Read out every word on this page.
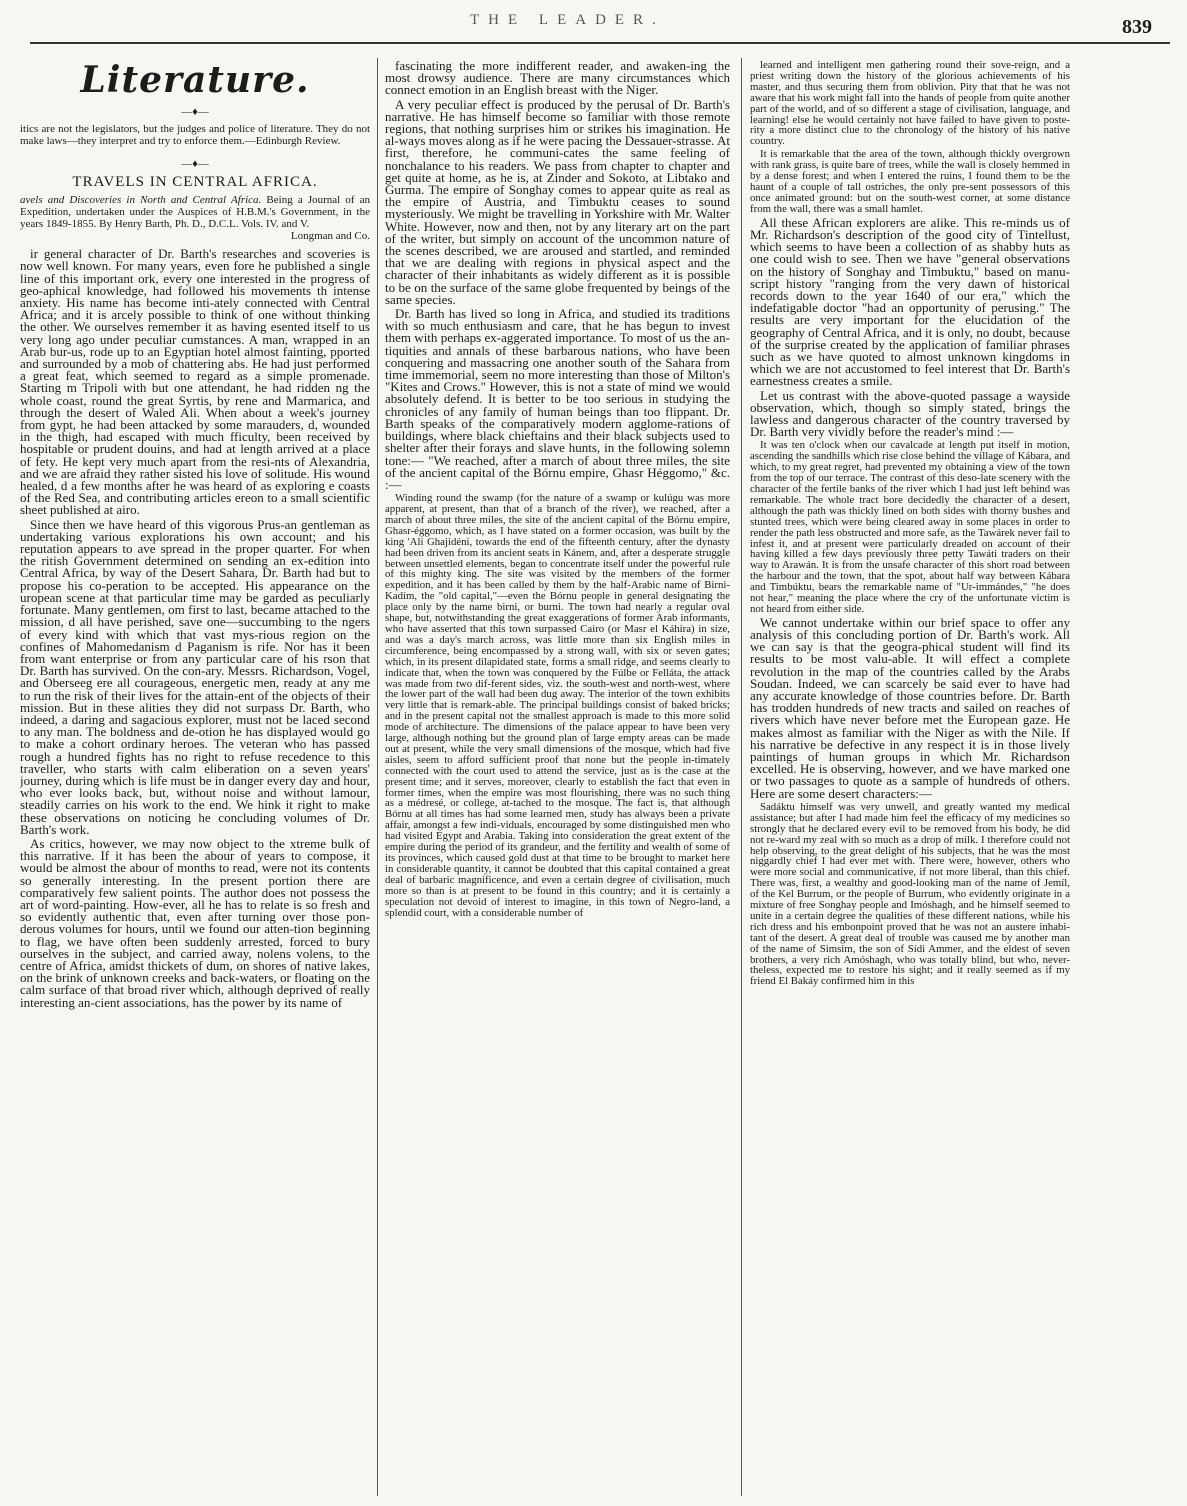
THE LEADER.	839
Literature.
—♦—
itics are not the legislators, but the judges and police of literature. They do not make laws—they interpret and try to enforce them.—Edinburgh Review.
—♦—
TRAVELS IN CENTRAL AFRICA.
avels and Discoveries in North and Central Africa. Being a Journal of an Expedition, undertaken under the Auspices of H.B.M.'s Government, in the years 1849-1855. By Henry Barth, Ph. D., D.C.L. Vols. IV. and V.
Longman and Co.

ir general character of Dr. Barth's researches and scoveries is now well known. For many years, even fore he published a single line of this important ork, every one interested in the progress of geo-aphical knowledge, had followed his movements th intense anxiety. His name has become inti-ately connected with Central Africa; and it is arcely possible to think of one without thinking the other. We ourselves remember it as having esented itself to us very long ago under peculiar cumstances. A man, wrapped in an Arab bur-us, rode up to an Egyptian hotel almost fainting, pported and surrounded by a mob of chattering abs. He had just performed a great feat, which seemed to regard as a simple promenade. Starting m Tripoli with but one attendant, he had ridden ng the whole coast, round the great Syrtis, by rene and Marmarica, and through the desert of Waled Ali. When about a week's journey from gypt, he had been attacked by some marauders, d, wounded in the thigh, had escaped with much fficulty, been received by hospitable or prudent douins, and had at length arrived at a place of fety. He kept very much apart from the resi-nts of Alexandria, and we are afraid they rather sisted his love of solitude. His wound healed, d a few months after he was heard of as exploring e coasts of the Red Sea, and contributing articles ereon to a small scientific sheet published at airo.

Since then we have heard of this vigorous Prus-an gentleman as undertaking various explorations his own account; and his reputation appears to ave spread in the proper quarter. For when the ritish Government determined on sending an ex-edition into Central Africa, by way of the Desert Sahara, Dr. Barth had but to propose his co-peration to be accepted. His appearance on the uropean scene at that particular time may be garded as peculiarly fortunate. Many gentlemen, om first to last, became attached to the mission, d all have perished, save one—succumbing to the ngers of every kind with which that vast mys-rious region on the confines of Mahomedanism d Paganism is rife. Nor has it been from want enterprise or from any particular care of his rson that Dr. Barth has survived. On the con-ary. Messrs. Richardson, Vogel, and Oberseeg ere all courageous, energetic men, ready at any me to run the risk of their lives for the attain-ent of the objects of their mission. But in these alities they did not surpass Dr. Barth, who indeed, a daring and sagacious explorer, must not be laced second to any man. The boldness and de-otion he has displayed would go to make a cohort ordinary heroes. The veteran who has passed rough a hundred fights has no right to refuse recedence to this traveller, who starts with calm eliberation on a seven years' journey, during which is life must be in danger every day and hour, who ever looks back, but, without noise and without lamour, steadily carries on his work to the end. We hink it right to make these observations on noticing he concluding volumes of Dr. Barth's work.

As critics, however, we may now object to the xtreme bulk of this narrative. If it has been the abour of years to compose, it would be almost the abour of months to read, were not its contents so generally interesting. In the present portion there are comparatively few salient points. The author does not possess the art of word-painting. How-ever, all he has to relate is so fresh and so evidently authentic that, even after turning over those pon-derous volumes for hours, until we found our atten-tion beginning to flag, we have often been suddenly arrested, forced to bury ourselves in the subject, and carried away, nolens volens, to the centre of Africa, amidst thickets of dum, on shores of native lakes, on the brink of unknown creeks and back-waters, or floating on the calm surface of that broad river which, although deprived of really interesting an-cient associations, has the power by its name of

fascinating the more indifferent reader, and awaken-ing the most drowsy audience. There are many circumstances which connect emotion in an English breast with the Niger.

A very peculiar effect is produced by the perusal of Dr. Barth's narrative. He has himself become so familiar with those remote regions, that nothing surprises him or strikes his imagination. He al-ways moves along as if he were pacing the Dessauer-strasse. At first, therefore, he communi-cates the same feeling of nonchalance to his readers. We pass from chapter to chapter and get quite at home, as he is, at Zinder and Sokoto, at Libtako and Gurma. The empire of Songhay comes to appear quite as real as the empire of Austria, and Timbuktu ceases to sound mysteriously. We might be travelling in Yorkshire with Mr. Walter White. However, now and then, not by any literary art on the part of the writer, but simply on account of the uncommon nature of the scenes described, we are aroused and startled, and reminded that we are dealing with regions in physical aspect and the character of their inhabitants as widely different as it is possible to be on the surface of the same globe frequented by beings of the same species.

Dr. Barth has lived so long in Africa, and studied its traditions with so much enthusiasm and care, that he has begun to invest them with perhaps ex-aggerated importance. To most of us the an-tiquities and annals of these barbarous nations, who have been conquering and massacring one another south of the Sahara from time immemorial, seem no more interesting than those of Milton's "Kites and Crows." However, this is not a state of mind we would absolutely defend. It is better to be too serious in studying the chronicles of any family of human beings than too flippant. Dr. Barth speaks of the comparatively modern agglome-rations of buildings, where black chieftains and their black subjects used to shelter after their forays and slave hunts, in the following solemn tone:— "We reached, after a march of about three miles, the site of the ancient capital of the Bórnu empire, Ghasr Héggomo," &c. :—

Winding round the swamp (for the nature of a swamp or kulúgu was more apparent, at present, than that of a branch of the river), we reached, after a march of about three miles, the site of the ancient capital of the Bórnu empire, Ghasr-éggomo, which, as I have stated on a former occasion, was built by the king 'Alí Ghajidéni, towards the end of the fifteenth century, after the dynasty had been driven from its ancient seats in Kánem, and, after a desperate struggle between unsettled elements, began to concentrate itself under the powerful rule of this mighty king. The site was visited by the members of the former expedition, and it has been called by them by the half-Arabic name of Birni-Kadím, the "old capital,"—even the Bórnu people in general designating the place only by the name birni, or burni. The town had nearly a regular oval shape, but, notwithstanding the great exaggerations of former Arab informants, who have asserted that this town surpassed Cairo (or Masr el Káhira) in size, and was a day's march across, was little more than six English miles in circumference, being encompassed by a strong wall, with six or seven gates; which, in its present dilapidated state, forms a small ridge, and seems clearly to indicate that, when the town was conquered by the Fúlbe or Felláta, the attack was made from two dif-ferent sides, viz. the south-west and north-west, where the lower part of the wall had been dug away. The interior of the town exhibits very little that is remark-able. The principal buildings consist of baked bricks; and in the present capital not the smallest approach is made to this more solid mode of architecture. The dimensions of the palace appear to have been very large, although nothing but the ground plan of large empty areas can be made out at present, while the very small dimensions of the mosque, which had five aisles, seem to afford sufficient proof that none but the people in-timately connected with the court used to attend the service, just as is the case at the present time; and it serves, moreover, clearly to establish the fact that even in former times, when the empire was most flourishing, there was no such thing as a médresé, or college, at-tached to the mosque. The fact is, that although Bórnu at all times has had some learned men, study has always been a private affair, amongst a few indi-viduals, encouraged by some distinguished men who had visited Egypt and Arabia. Taking into consideration the great extent of the empire during the period of its grandeur, and the fertility and wealth of some of its provinces, which caused gold dust at that time to be brought to market here in considerable quantity, it cannot be doubted that this capital contained a great deal of barbaric magnificence, and even a certain degree of civilisation, much more so than is at present to be found in this country; and it is certainly a speculation not devoid of interest to imagine, in this town of Negro-land, a splendid court, with a considerable number of

learned and intelligent men gathering round their sove-reign, and a priest writing down the history of the glorious achievements of his master, and thus securing them from oblivion. Pity that that he was not aware that his work might fall into the hands of people from quite another part of the world, and of so different a stage of civilisation, language, and learning! else he would certainly not have failed to have given to poste-rity a more distinct clue to the chronology of the history of his native country.

It is remarkable that the area of the town, although thickly overgrown with rank grass, is quite bare of trees, while the wall is closely hemmed in by a dense forest; and when I entered the ruins, I found them to be the haunt of a couple of tall ostriches, the only pre-sent possessors of this once animated ground: but on the south-west corner, at some distance from the wall, there was a small hamlet.

All these African explorers are alike. This re-minds us of Mr. Richardson's description of the good city of Tintellust, which seems to have been a collection of as shabby huts as one could wish to see. Then we have "general observations on the history of Songhay and Timbuktu," based on manu-script history "ranging from the very dawn of historical records down to the year 1640 of our era," which the indefatigable doctor "had an opportunity of perusing." The results are very important for the elucidation of the geography of Central Africa, and it is only, no doubt, because of the surprise created by the application of familiar phrases such as we have quoted to almost unknown kingdoms in which we are not accustomed to feel interest that Dr. Barth's earnestness creates a smile.

Let us contrast with the above-quoted passage a wayside observation, which, though so simply stated, brings the lawless and dangerous character of the country traversed by Dr. Barth very vividly before the reader's mind :—

It was ten o'clock when our cavalcade at length put itself in motion, ascending the sandhills which rise close behind the village of Kábara, and which, to my great regret, had prevented my obtaining a view of the town from the top of our terrace. The contrast of this deso-late scenery with the character of the fertile banks of the river which I had just left behind was remarkable. The whole tract bore decidedly the character of a desert, although the path was thickly lined on both sides with thorny bushes and stunted trees, which were being cleared away in some places in order to render the path less obstructed and more safe, as the Tawárek never fail to infest it, and at present were particularly dreaded on account of their having killed a few days previously three petty Tawáti traders on their way to Arawán. It is from the unsafe character of this short road between the harbour and the town, that the spot, about half way between Kábara and Timbúktu, bears the remarkable name of "Ur-immándes," "he does not hear," meaning the place where the cry of the unfortunate victim is not heard from either side.

We cannot undertake within our brief space to offer any analysis of this concluding portion of Dr. Barth's work. All we can say is that the geogra-phical student will find its results to be most valu-able. It will effect a complete revolution in the map of the countries called by the Arabs Soudan. Indeed, we can scarcely be said ever to have had any accurate knowledge of those countries before. Dr. Barth has trodden hundreds of new tracts and sailed on reaches of rivers which have never before met the European gaze. He makes almost as familiar with the Niger as with the Nile. If his narrative be defective in any respect it is in those lively paintings of human groups in which Mr. Richardson excelled. He is observing, however, and we have marked one or two passages to quote as a sample of hundreds of others. Here are some desert characters:—

Sadáktu himself was very unwell, and greatly wanted my medical assistance; but after I had made him feel the efficacy of my medicines so strongly that he declared every evil to be removed from his body, he did not re-ward my zeal with so much as a drop of milk. I therefore could not help observing, to the great delight of his subjects, that he was the most niggardly chief I had ever met with. There were, however, others who were more social and communicative, if not more liberal, than this chief. There was, first, a wealthy and good-looking man of the name of Jemíl, of the Kel Burrum, or the people of Burrum, who evidently originate in a mixture of free Songhay people and Imóshagh, and he himself seemed to unite in a certain degree the qualities of these different nations, while his rich dress and his embonpoint proved that he was not an austere inhabi-tant of the desert. A great deal of trouble was caused me by another man of the name of Simsim, the son of Sídi Ammer, and the eldest of seven brothers, a very rich Amóshagh, who was totally blind, but who, never-theless, expected me to restore his sight; and it really seemed as if my friend El Bakáy confirmed him in this
